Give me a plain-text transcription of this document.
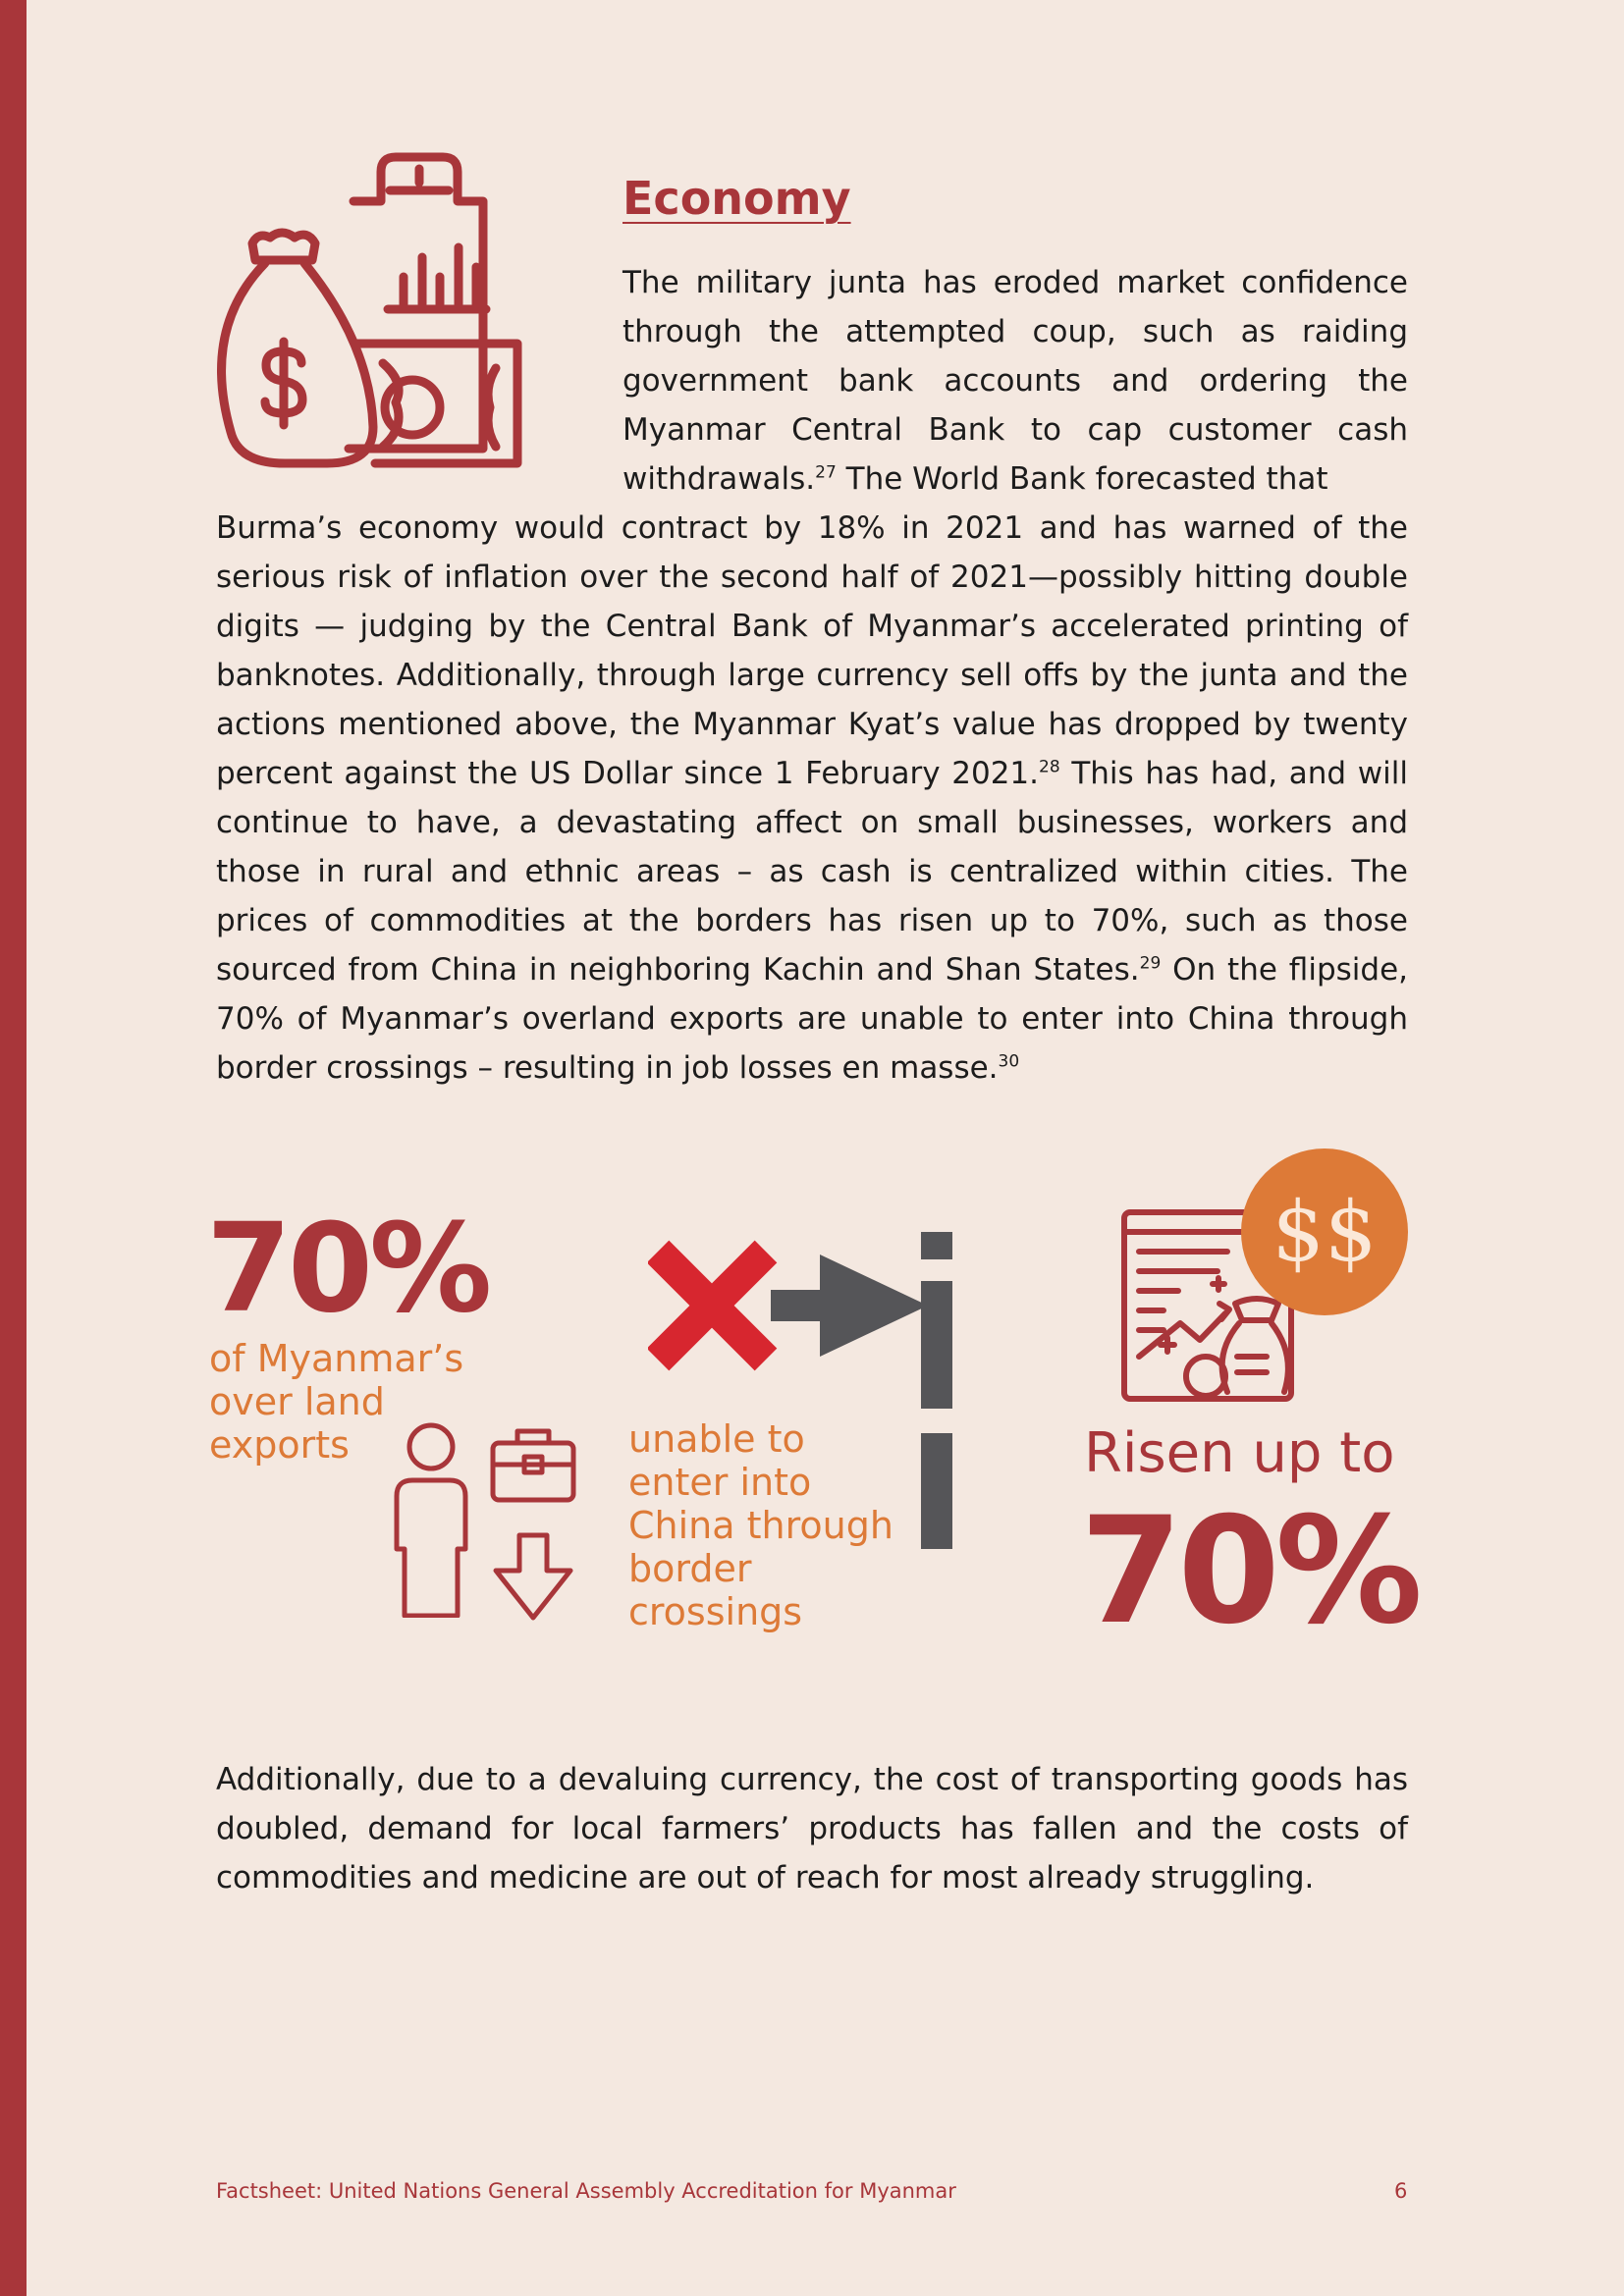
Economy
The military junta has eroded market confidence through the attempted coup, such as raiding government bank accounts and ordering the Myanmar Central Bank to cap customer cash withdrawals.$^{27}$ The World Bank forecasted that
Burma’s economy would contract by 18% in 2021 and has warned of the serious risk of inflation over the second half of 2021—possibly hitting double digits — judging by the Central Bank of Myanmar’s accelerated printing of banknotes. Additionally, through large currency sell offs by the junta and the actions mentioned above, the Myanmar Kyat’s value has dropped by twenty percent against the US Dollar since 1 February 2021.28 This has had, and will continue to have, a devastating affect on small businesses, workers and those in rural and ethnic areas – as cash is centralized within cities. The prices of commodities at the borders has risen up to 70%, such as those sourced from China in neighboring Kachin and Shan States.$^{29}$ On the flipside, 70% of Myanmar’s overland exports are unable to enter into China through border crossings – resulting in job losses en masse.$^{30}$
70%
of Myanmar’s
over land
exports	unable to
enter into
China through
border
crossings
$$
Risen up to
70%
Additionally, due to a devaluing currency, the cost of transporting goods has doubled, demand for local farmers’ products has fallen and the costs of commodities and medicine are out of reach for most already struggling.
Factsheet: United Nations General Assembly Accreditation for Myanmar	6
